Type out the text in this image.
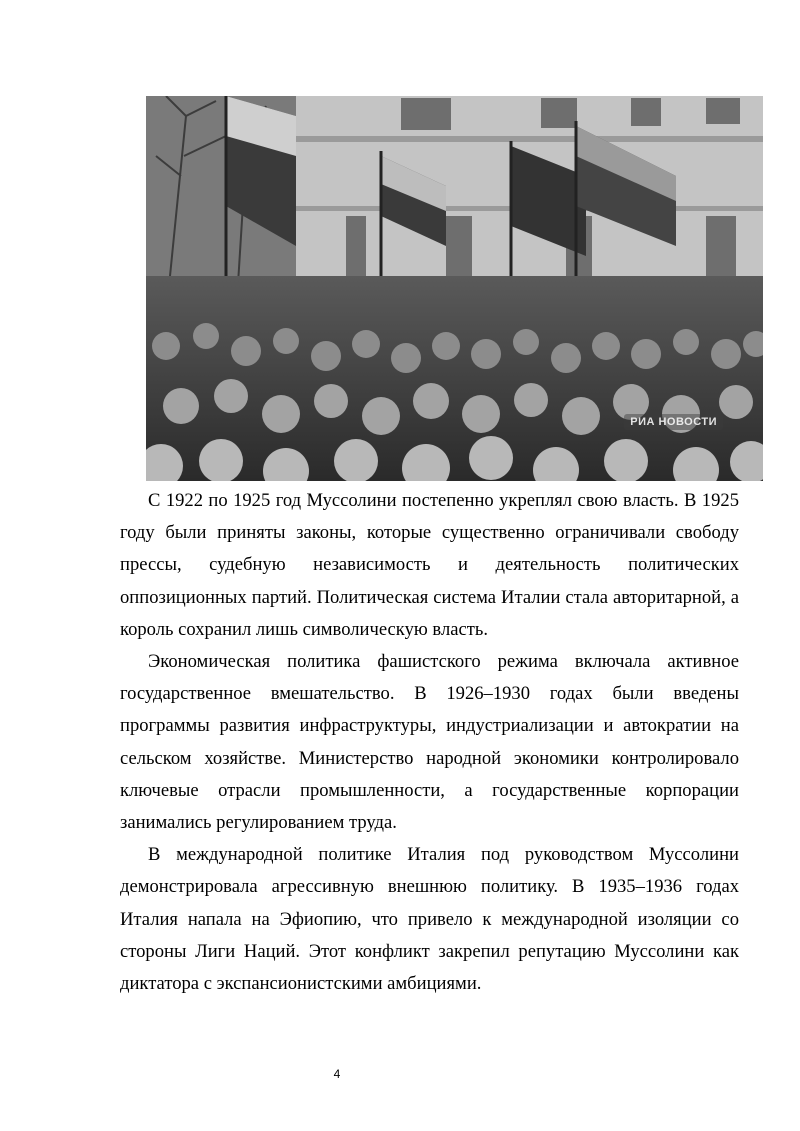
РИА НОВОСТИ

С 1922 по 1925 год Муссолини постепенно укреплял свою власть. В 1925 году были приняты законы, которые существенно ограничивали свободу прессы, судебную независимость и деятельность политических оппозиционных партий. Политическая система Италии стала авторитарной, а король сохранил лишь символическую власть.

Экономическая политика фашистского режима включала активное государственное вмешательство. В 1926–1930 годах были введены программы развития инфраструктуры, индустриализации и автократии на сельском хозяйстве. Министерство народной экономики контролировало ключевые отрасли промышленности, а государственные корпорации занимались регулированием труда.

В международной политике Италия под руководством Муссолини демонстрировала агрессивную внешнюю политику. В 1935–1936 годах Италия напала на Эфиопию, что привело к международной изоляции со стороны Лиги Наций. Этот конфликт закрепил репутацию Муссолини как диктатора с экспансионистскими амбициями.

4
